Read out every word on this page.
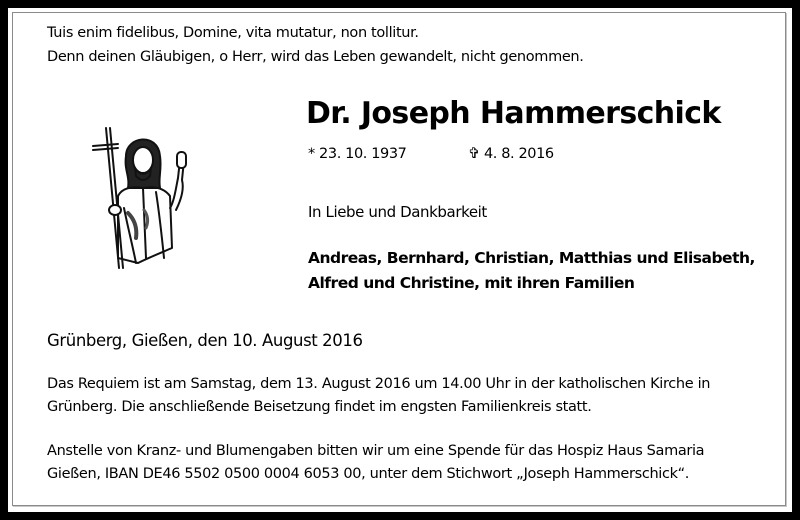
Tuis enim fidelibus, Domine, vita mutatur, non tollitur.
Denn deinen Gläubigen, o Herr, wird das Leben gewandelt, nicht genommen.
Dr. Joseph Hammerschick
* 23. 10. 1937	✞ 4. 8. 2016
In Liebe und Dankbarkeit
Andreas, Bernhard, Christian, Matthias und Elisabeth,
Alfred und Christine, mit ihren Familien
Grünberg, Gießen, den 10. August 2016
Das Requiem ist am Samstag, dem 13. August 2016 um 14.00 Uhr in der katholischen Kirche in
Grünberg. Die anschließende Beisetzung findet im engsten Familienkreis statt.
Anstelle von Kranz- und Blumengaben bitten wir um eine Spende für das Hospiz Haus Samaria
Gießen, IBAN DE46 5502 0500 0004 6053 00, unter dem Stichwort „Joseph Hammerschick“.
